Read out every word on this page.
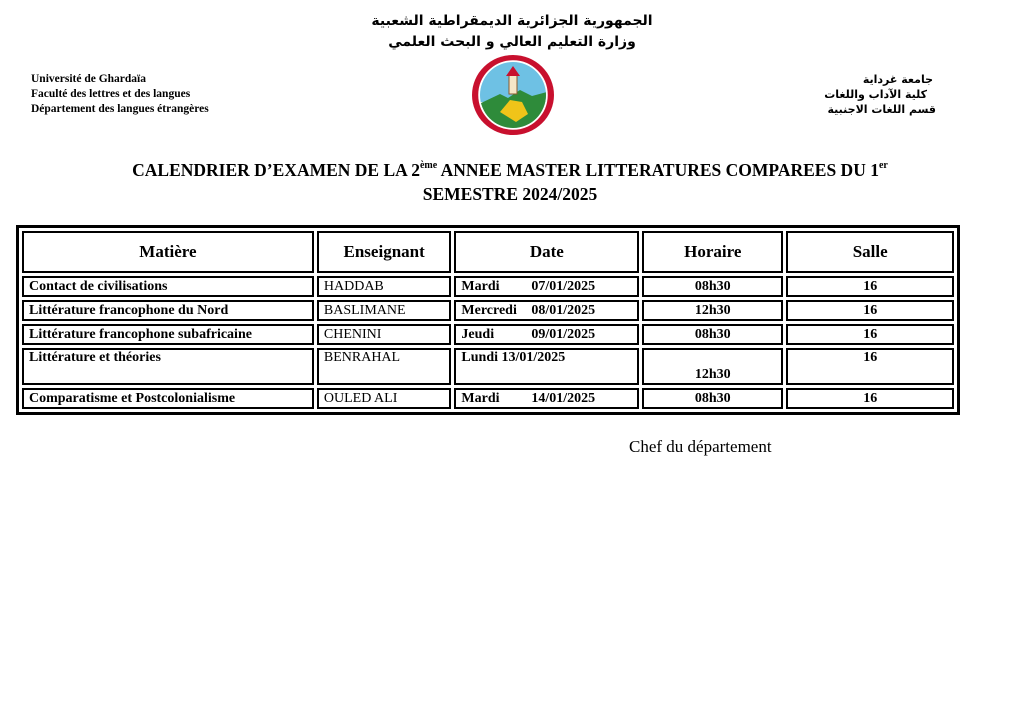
الجمهورية الجزائرية الديمقراطية الشعبية
وزارة التعليم العالي و البحث العلمي
Université de Ghardaïa
Faculté des lettres et des langues
Département des langues étrangères
جامعة غرداية
كلية الآداب واللغات
قسم اللغات الاجنبية
CALENDRIER D’EXAMEN DE LA 2ème ANNEE MASTER LITTERATURES COMPAREES DU 1er
SEMESTRE 2024/2025
Matière	Enseignant	Date	Horaire	Salle
Contact de civilisations	HADDAB	Mardi 07/01/2025	08h30	16
Littérature francophone du Nord	BASLIMANE	Mercredi 08/01/2025	12h30	16
Littérature francophone subafricaine	CHENINI	Jeudi 09/01/2025	08h30	16
Littérature et théories	BENRAHAL	Lundi 13/01/2025	12h30	16
Comparatisme et Postcolonialisme	OULED ALI	Mardi 14/01/2025	08h30	16
Chef du département
